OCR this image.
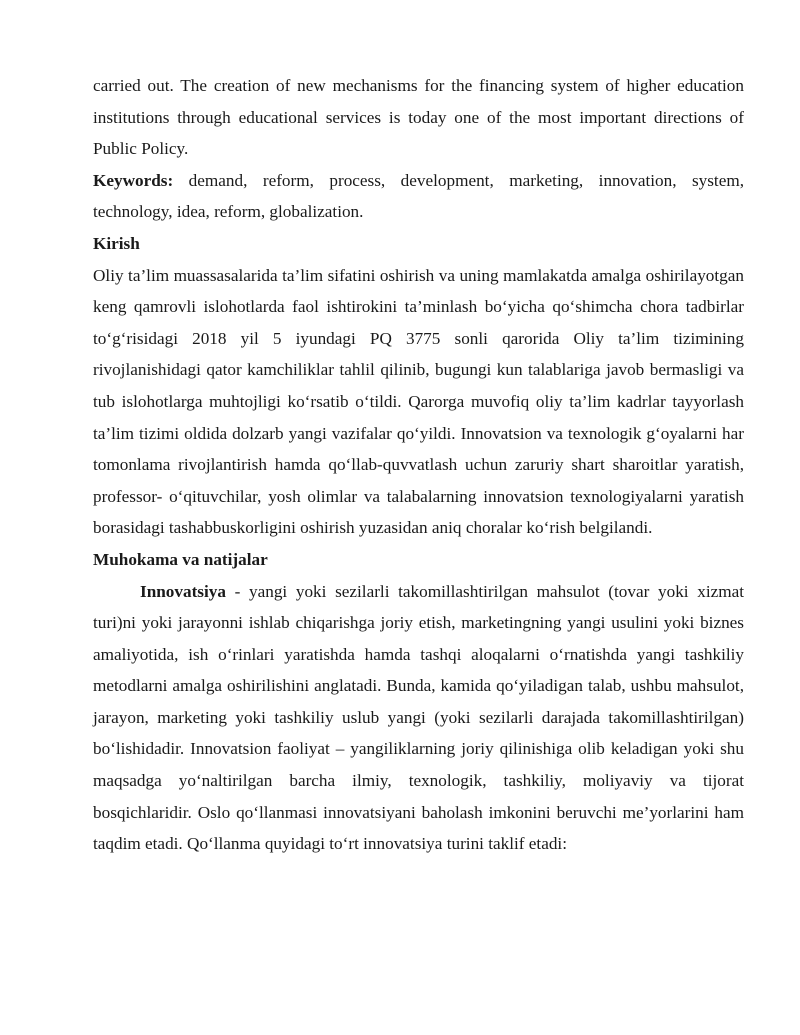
carried out. The creation of new mechanisms for the financing system of higher education institutions through educational services is today one of the most important directions of Public Policy.

Keywords: demand, reform, process, development, marketing, innovation, system, technology, idea, reform, globalization.

Kirish

Oliy ta’lim muassasalarida ta’lim sifatini oshirish va uning mamlakatda amalga oshirilayotgan keng qamrovli islohotlarda faol ishtirokini ta’minlash bo‘yicha qo‘shimcha chora tadbirlar to‘g‘risidagi 2018 yil 5 iyundagi PQ 3775 sonli qarorida Oliy ta’lim tizimining rivojlanishidagi qator kamchiliklar tahlil qilinib, bugungi kun talablariga javob bermasligi va tub islohotlarga muhtojligi ko‘rsatib o‘tildi. Qarorga muvofiq oliy ta’lim kadrlar tayyorlash ta’lim tizimi oldida dolzarb yangi vazifalar qo‘yildi. Innovatsion va texnologik g‘oyalarni har tomonlama rivojlantirish hamda qo‘llab-quvvatlash uchun zaruriy shart sharoitlar yaratish, professor- o‘qituvchilar, yosh olimlar va talabalarning innovatsion texnologiyalarni yaratish borasidagi tashabbuskorligini oshirish yuzasidan aniq choralar ko‘rish belgilandi.

Muhokama va natijalar

Innovatsiya - yangi yoki sezilarli takomillashtirilgan mahsulot (tovar yoki xizmat turi)ni yoki jarayonni ishlab chiqarishga joriy etish, marketingning yangi usulini yoki biznes amaliyotida, ish o‘rinlari yaratishda hamda tashqi aloqalarni o‘rnatishda yangi tashkiliy metodlarni amalga oshirilishini anglatadi. Bunda, kamida qo‘yiladigan talab, ushbu mahsulot, jarayon, marketing yoki tashkiliy uslub yangi (yoki sezilarli darajada takomillashtirilgan) bo‘lishidadir. Innovatsion faoliyat – yangiliklarning joriy qilinishiga olib keladigan yoki shu maqsadga yo‘naltirilgan barcha ilmiy, texnologik, tashkiliy, moliyaviy va tijorat bosqichlaridir. Oslo qo‘llanmasi innovatsiyani baholash imkonini beruvchi me’yorlarini ham taqdim etadi. Qo‘llanma quyidagi to‘rt innovatsiya turini taklif etadi:
